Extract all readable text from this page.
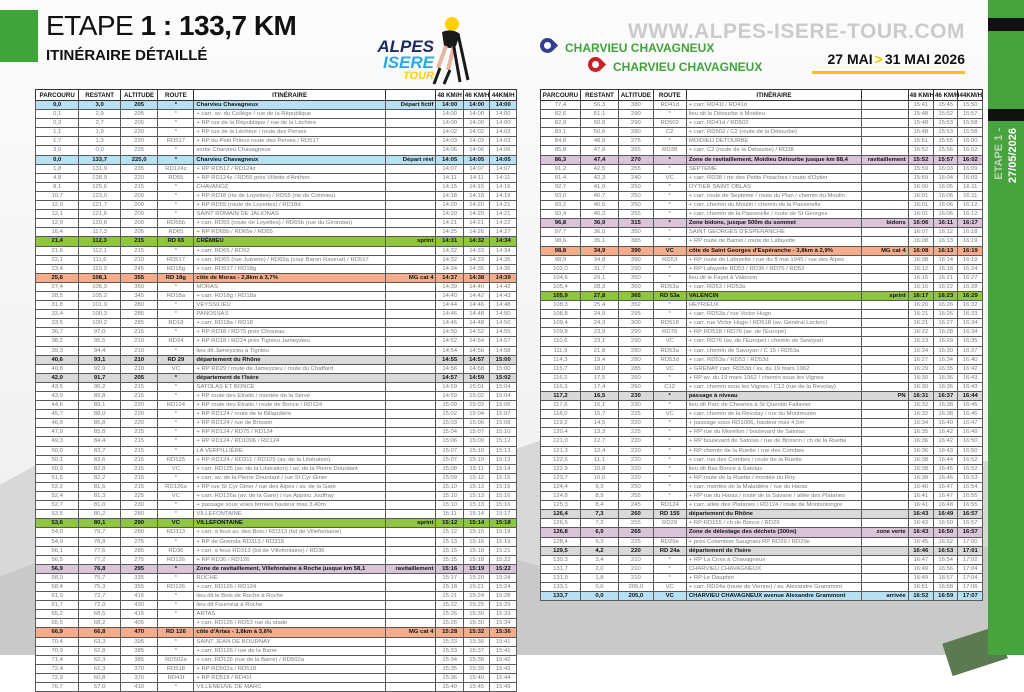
ETAPE 1 : 133,7 KM
ITINÉRAIRE DÉTAILLÉ	ALPES
ISERE
TOUR
WWW.ALPES-ISERE-TOUR.COM
CHARVIEU CHAVAGNEUX
CHARVIEU CHAVAGNEUX	27 MAI > 31 MAI 2026
PARCOURU	RESTANT	ALTITUDE	ROUTE	ITINÉRAIRE		48 KM/H	46 KM/H	44KM/H
0,0	3,0	205	*	Charvieu Chavagneux	Départ fictif	14:00	14:00	14:00
0,1	2,9	205	*	+ carr. av. du Collège / rue de la République		14:00	14:00	14:00
0,3	2,7	205	*	+ RP rue de la République / rue de la Léchère		14:00	14:00	14:00
1,1	1,9	220	*	+ RP rue de la Léchère / route des Perves		14:02	14:02	14:02
1,7	1,3	220	RD517	+ RP du Petit Prince route des Perves / RD517		14:03	14:03	14:03
3,0	0,0	225	*	sortie Charvieu Chavagneux		14:06	14:06	14:06
0,0	133,7	225,0	*	Charvieu Chavagneux	Départ réel	14:05	14:05	14:05
1,8	131,9	235	RD124z	+ RP RD517 / RD124z		14:07	14:07	14:07
4,8	128,9	220	RD55	+ RP RD124z / RD55 près Villette d'Anthon		14:11	14:11	14:11
8,1	125,6	215	*	CHAVANOZ		14:15	14:15	14:16
10,7	123,0	200	*	+ RP RD18 (rte de Loyettes) / RD55 (rte de Crémieu)		14:18	14:18	14:19
12,0	121,7	200	*	+ RP RD55 (route de Loyettes) / RD18d		14:20	14:20	14:21
12,1	121,6	200	*	SAINT ROMAIN DE JALIONAS		14:20	14:20	14:21
12,9	120,8	200	RD65b	+ carr. RD55 (route de Loyettes) / RD65b (rue du Girondan)		14:21	14:21	14:22
16,4	117,3	205	RD65	+ RP RD65b / RD65e / RD65		14:25	14:26	14:27
21,4	112,3	215	RD 65	CRÉMIEU	sprint	14:31	14:32	14:34
21,6	112,1	215	*	+ carr. RD65 / RD52		14:32	14:33	14:34
22,1	111,6	210	RD517	+ carr. RD65 (rue Juiverie) / RD65a (cour Baron Raverat) / RD517		14:32	14:33	14:35
23,4	110,3	245	RD18g	+ carr. RD517 / RD18g		14:34	14:35	14:36
25,6	108,1	355	RD 18g	côte de Moras - 2,8km à 3,7%	MG cat 4	14:37	14:38	14:39
27,4	106,3	350	*	MORAS		14:39	14:40	14:42
28,5	105,2	345	RD18a	+ carr. RD18g / RD18a		14:40	14:42	14:43
31,8	101,9	280	*	VEYSSILIEU		14:44	14:46	14:48
33,4	100,3	285	*	PANOSSAS		14:46	14:48	14:50
33,5	100,2	285	RD18	+ carr. RD18a / RD18		14:46	14:48	14:50
36,7	97,0	215	*	+ RP RD18 / RD75 près Chozeau		14:50	14:52	14:55
38,2	95,5	210	RD24	+ RP RD18 / RD24 près Tignieu Jameyzieu		14:52	14:54	14:57
39,3	94,4	210	*	lieu dit Jameyzieu à Tignieu		14:54	14:56	14:58
40,6	93,1	210	RD 29	département du Rhône		14:55	14:57	15:00
40,8	92,9	210	VC	+ RP RD29 / route de Jameyzieu / route du Chaffard		14:56	14:58	15:00
42,0	91,7	205	*	département de l'Isère		14:57	14:59	15:02
43,5	90,2	215	*	SATOLAS ET BONCE		14:59	15:01	15:04
43,9	89,8	215	*	+ RP route des Etraits / montée de la Serve		14:59	15:02	15:04
44,6	89,1	220	RD124	+ RP route des Etraits / route de Bonce / RD124		15:00	15:03	15:05
45,7	88,0	220	*	+ RP RD124 / route de la Billaudière		15:02	15:04	15:07
46,9	86,8	220	*	+ RP RD124 / rue de Brisson		15:03	15:06	15:08
47,9	85,8	215	*	+ RP RD124 / RD75 / RD124		15:04	15:07	15:10
49,3	84,4	215	*	+ RP RD124 / RD1006 / RD124		15:06	15:09	15:12
50,0	83,7	215	*	LA VERPILLIÈRE		15:07	15:10	15:13
50,1	83,6	215	RD125	+ RP RD124 / RD311 / RD125 (av. de la Libération)		15:07	15:10	15:13
50,9	82,8	215	VC	+ carr. RD125 (av. de la Libération) / av. de la Pierre Dourdant		15:08	15:11	15:14
51,5	82,2	215	*	+ carr. av. de la Pierre Dourdant / rue St Cyr Girier		15:09	15:12	15:15
52,2	81,5	215	RD126a	+ RP rue St Cyr Girier / rue des Alpes / av. de la Gare		15:10	15:13	15:16
52,4	81,3	225	VC	+ carr. RD126a (av. de la Gare) / rue Appiou Jouffray		15:10	15:13	15:16
52,7	81,0	230	*	+ passage sous voies ferrées hauteur max 3,40m		15:10	15:13	15:16
53,5	80,2	280	*	VILLEFONTAINE		15:11	15:14	15:17
53,6	80,1	290	VC	VILLEFONTAINE	sprint	15:12	15:14	15:18
54,0	79,7	280	RD313	+ carr. à feux av. des Bois / RD313 (bd de Villefontaine)		15:12	15:15	15:18
54,9	78,8	275	*	+ RP de Gremda RD313 / RD318		15:13	15:16	15:19
56,1	77,6	285	RD36	+ carr. à feux RD313 (bd de Villefontaine) / RD36		15:15	15:18	15:21
56,5	77,2	275	RD126	+ RP RD36 / RD126		15:15	15:18	15:22
56,9	76,8	295	*	Zone de ravitaillement, Villefontaine à Roche jusque km 58,1	ravitaillement	15:16	15:19	15:22
58,0	75,7	335	*	ROCHE		15:17	15:20	15:24
58,4	75,3	355	RD126	+ carr. RD126 / RD124		15:18	15:21	15:24
61,0	72,7	415	*	lieu dit le Bois de Roche à Roche		15:21	15:24	15:28
61,7	72,0	430	*	lieu dit Fournéat à Roche		15:22	15:25	15:29
65,2	68,5	415	*	ARTAS		15:26	15:30	15:33
65,5	68,2	405		+ carr. RD126 / RD53 rue du stade		15:26	15:30	15:34
66,9	66,8	470	RD 126	côte d'Artas - 1,8km à 3,6%	MG cat 4	15:28	15:32	15:36
70,4	63,3	395	*	SAINT JEAN DE BOURNAY		15:33	15:36	15:41
70,9	62,8	385	*	+ carr. RD126 / rue de la Barre		15:33	15:37	15:41
71,4	62,3	385	RD502a	+ carr. RD126 (rue de la Barre) / RD502a		15:34	15:38	15:42
72,4	61,3	370	RD518	+ RP RD502a / RD518		15:35	15:39	15:43
72,9	60,8	370	RD41f	+ RP RD518 / RD41f		15:36	15:40	15:44
76,7	57,0	410	*	VILLENEUVE DE MARC		15:40	15:45	15:49
PARCOURU	RESTANT	ALTITUDE	ROUTE	ITINÉRAIRE		48 KM/H	46 KM/H	44KM/H
77,4	56,3	380	RD41d	+ carr. RD41f / RD41d		15:41	15:45	15:50
82,6	51,1	290	*	lieu dit la Détourbe à Moidieu		15:48	15:52	15:57
82,9	50,8	290	RD502	+ carr. RD41d / RD502		15:48	15:53	15:58
83,1	50,6	280	C2	+ carr. RD502 / C2 (route de la Détourbe)		15:48	15:53	15:58
84,8	48,9	275	*	MOIDIEU DETOURBE		15:51	15:55	16:00
85,8	47,9	265	RD38	+ carr. C2 (route de la Détourbe) / RD38		15:52	15:56	16:02
86,3	47,4	270	*	Zone de ravitaillement, Moidieu Détourbe jusque km 88,4	ravitaillement	15:52	15:57	16:02
91,2	42,5	255	*	SEPTEME		15:59	16:03	16:09
91,4	42,3	240	VC	+ carr. RD38 / rte des Petits Potaches / route d'Oytier		15:59	16:04	16:09
92,7	41,0	250	*	OYTIER SAINT OBLAS		16:00	16:05	16:11
93,0	40,7	250	*	+ carr. route de Septème / route du Plan / chemin du Moulin		16:01	16:06	16:11
93,2	40,5	250	*	+ carr. chemin du Moulin / chemin de la Passerelle		16:01	16:06	16:12
93,4	40,3	255	*	+ carr. chemin de la Passerelle / route de St Georges		16:01	16:06	16:12
96,8	36,9	315	*	Zone bidons, jusque 500m du sommet	bidons	16:06	16:11	16:17
97,7	36,0	350	*	SAINT GEORGES D'ESPERANCHE		16:07	16:12	16:18
98,6	35,1	385	*	+ RP route de Barret / route de Lafayette		16:08	16:13	16:19
98,8	34,9	390	VC	côte de Saint Georges d'Espéranche - 3,8km à 2,9%	MG cat 4	16:08	16:13	16:19
98,9	34,8	390	RD53	+ RP route de Lafayette / rue du 8 mai 1945 / rue des Alpes		16:08	16:14	16:19
102,0	31,7	290	*	+ RP Lafayette RD53 / RD36 / RD75 / RD53		16:12	16:18	16:24
104,6	29,1	350	*	lieu dit le Fayet à Valencin		16:15	16:21	16:27
105,4	28,3	360	RD53a	+ carr. RD53 / RD53a		16:16	16:22	16:28
105,9	27,8	365	RD 53a	VALENCIN	sprint	16:17	16:23	16:29
108,3	25,4	352	*	HEYRIEUX		16:20	16:26	16:32
108,8	24,9	295	*	+ carr. RD53a / rue Victor Hugo		16:21	16:26	16:33
109,4	24,3	300	RD518	+ carr. rue Victor Hugo / RD518 (av. Général Leclerc)		16:21	16:27	16:34
109,8	23,9	290	RD76	+ RP RD518 / RD76 (av. de l'Europe)		16:22	16:28	16:34
110,6	23,1	290	VC	+ carr. RD76 (av. de l'Europe) / chemin de Savoyan		16:23	16:29	16:35
111,9	21,8	280	RD53a	+ carr. chemin de Savoyan / C 15 / RD53a		16:24	16:30	16:37
114,3	19,4	280	RD53d	+ carr. RD53a / RD53 / RD53d		16:27	16:34	16:40
115,7	18,0	285	VC	+ GRENAY carr. RD53d / av. du 19 mars 1962		16:29	16:35	16:42
116,2	17,5	260	*	+ RP av. du 19 mars 1962 / chemin sous les Vignes		16:30	16:36	16:43
116,3	17,4	260	C12	+ carr. chemin sous les Vignes / C12 (rue de la Revolay)		16:30	16:36	16:43
117,2	16,5	230	*	passage à niveau	PN	16:31	16:37	16:44
117,6	16,1	230	*	lieu dit Parc de Chesnes à St Quentin Fallavier		16:32	16:38	16:45
118,0	15,7	225	VC	+ carr. chemin de la Revolay / rue du Montmurier		16:32	16:38	16:45
119,2	14,5	220	*	+ passage sous RD1006, hauteur max 4,5m		16:34	16:40	16:47
120,4	13,3	225	*	+ RP rue du Morellon / boulevard de Satolas		16:35	16:42	16:49
121,0	12,7	220	*	+ RP boulevard de Satolas / rue de Brisson / ch de la Ruette		16:36	16:42	16:50
121,3	12,4	220	*	+ RP chemin de la Ruette / rue des Combes		16:36	16:43	16:50
122,6	11,1	220	*	+ carr. rue des Combes / route de la Ruette		16:38	16:44	16:52
122,9	10,8	220	*	lieu dit Bas Bonce à Satolas		16:38	16:45	16:52
123,7	10,0	220	*	+ RP route de la Ruette / montée du Roy		16:39	16:46	16:53
124,4	9,3	250	*	+ carr. montée de la Maladière / rue du Haras		16:40	16:47	16:54
124,8	8,9	255	*	+ RP rue du Haras / route de la Savane / allée des Platanes		16:41	16:47	16:55
125,3	8,4	245	RD124	+ carr. allée des Platanes / RD124 / route de Montsolongre		16:41	16:48	16:55
126,4	7,3	260	RD 155	département du Rhône		16:43	16:49	16:57
126,5	7,2	255	RD29	+ RP RD155 / ch de Bonce / RD29		16:43	16:50	16:57
126,8	6,9	265		Zone de délestage des déchets (300m)	zone verte	16:43	16:50	16:57
128,4	5,3	225	RD29e	+ près Colombier Saugnieu RP RD29 / RD29e		16:45	16:52	17:00
129,5	4,2	220	RD 24a	département de l'Isère		16:46	16:53	17:01
130,3	3,4	210	*	+ RP La Croix à Chavagneux		16:47	16:54	17:02
131,7	2,0	210	*	CHARVIEU CHAVAGNEUX		16:49	16:56	17:04
131,9	1,8	210	*	+ RP Le Dauphin		16:49	16:57	17:04
133,1	0,6	205,0	VC	+ carr. RD24a (route de Vienne) / av. Alexandre Grammont		16:51	16:58	17:06
133,7	0,0	205,0	VC	CHARVIEU CHAVAGNEUX avenue Alexandre Grammont	arrivée	16:52	16:59	17:07
ETAPE 1 - 27/05/2026
